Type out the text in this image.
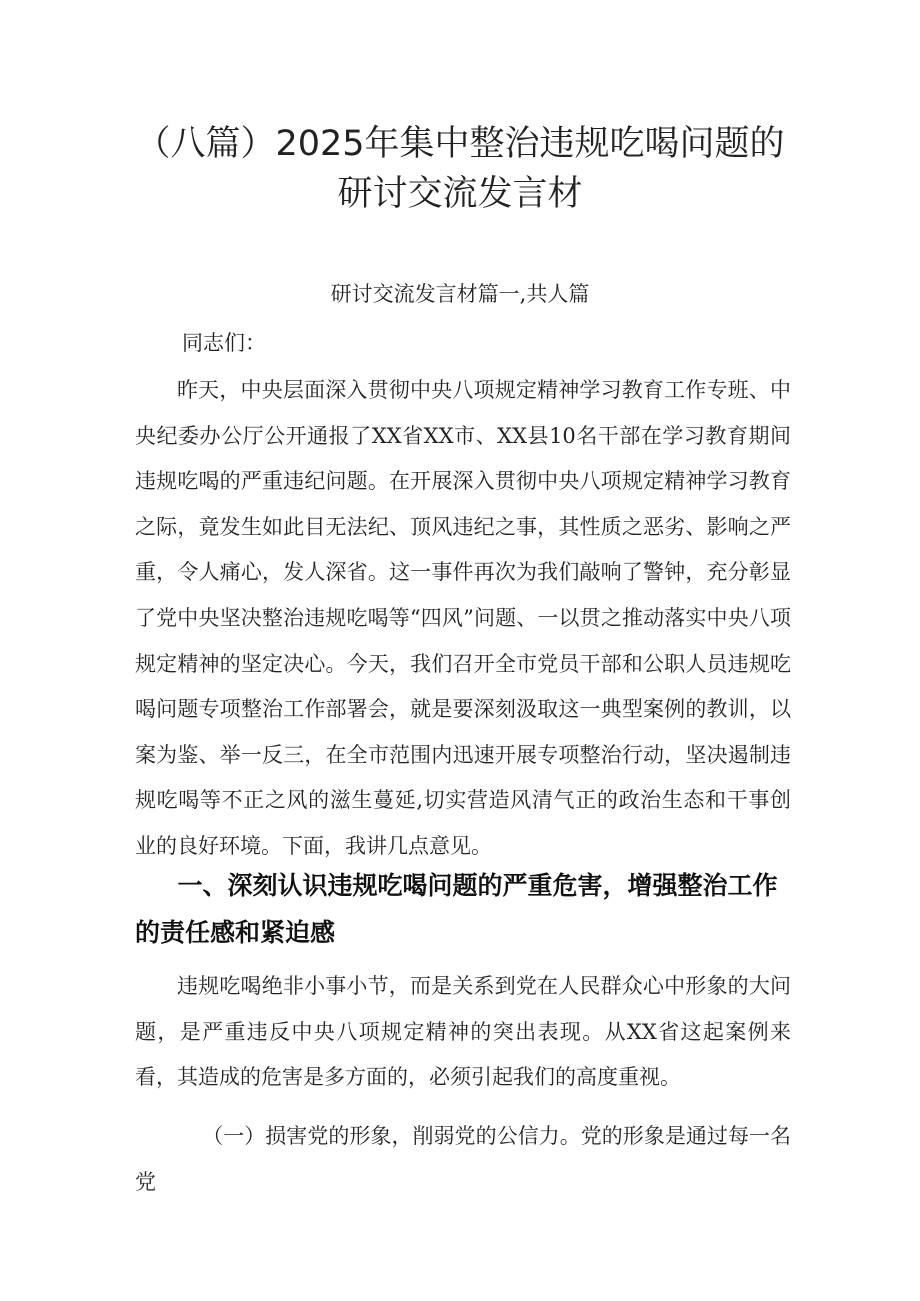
（八篇）2025年集中整治违规吃喝问题的
研讨交流发言材
研讨交流发言材篇一,共人篇
同志们：

昨天，中央层面深入贯彻中央八项规定精神学习教育工作专班、中央纪委办公厅公开通报了XX省XX市、XX县10名干部在学习教育期间违规吃喝的严重违纪问题。在开展深入贯彻中央八项规定精神学习教育之际，竟发生如此目无法纪、顶风违纪之事，其性质之恶劣、影响之严重，令人痛心，发人深省。这一事件再次为我们敲响了警钟，充分彰显了党中央坚决整治违规吃喝等“四风”问题、一以贯之推动落实中央八项规定精神的坚定决心。今天，我们召开全市党员干部和公职人员违规吃喝问题专项整治工作部署会，就是要深刻汲取这一典型案例的教训，以案为鉴、举一反三，在全市范围内迅速开展专项整治行动，坚决遏制违规吃喝等不正之风的滋生蔓延,切实营造风清气正的政治生态和干事创业的良好环境。下面，我讲几点意见。

一、深刻认识违规吃喝问题的严重危害，增强整治工作的责任感和紧迫感

违规吃喝绝非小事小节，而是关系到党在人民群众心中形象的大问题，是严重违反中央八项规定精神的突出表现。从XX省这起案例来看，其造成的危害是多方面的，必须引起我们的高度重视。

（一）损害党的形象，削弱党的公信力。党的形象是通过每一名党
